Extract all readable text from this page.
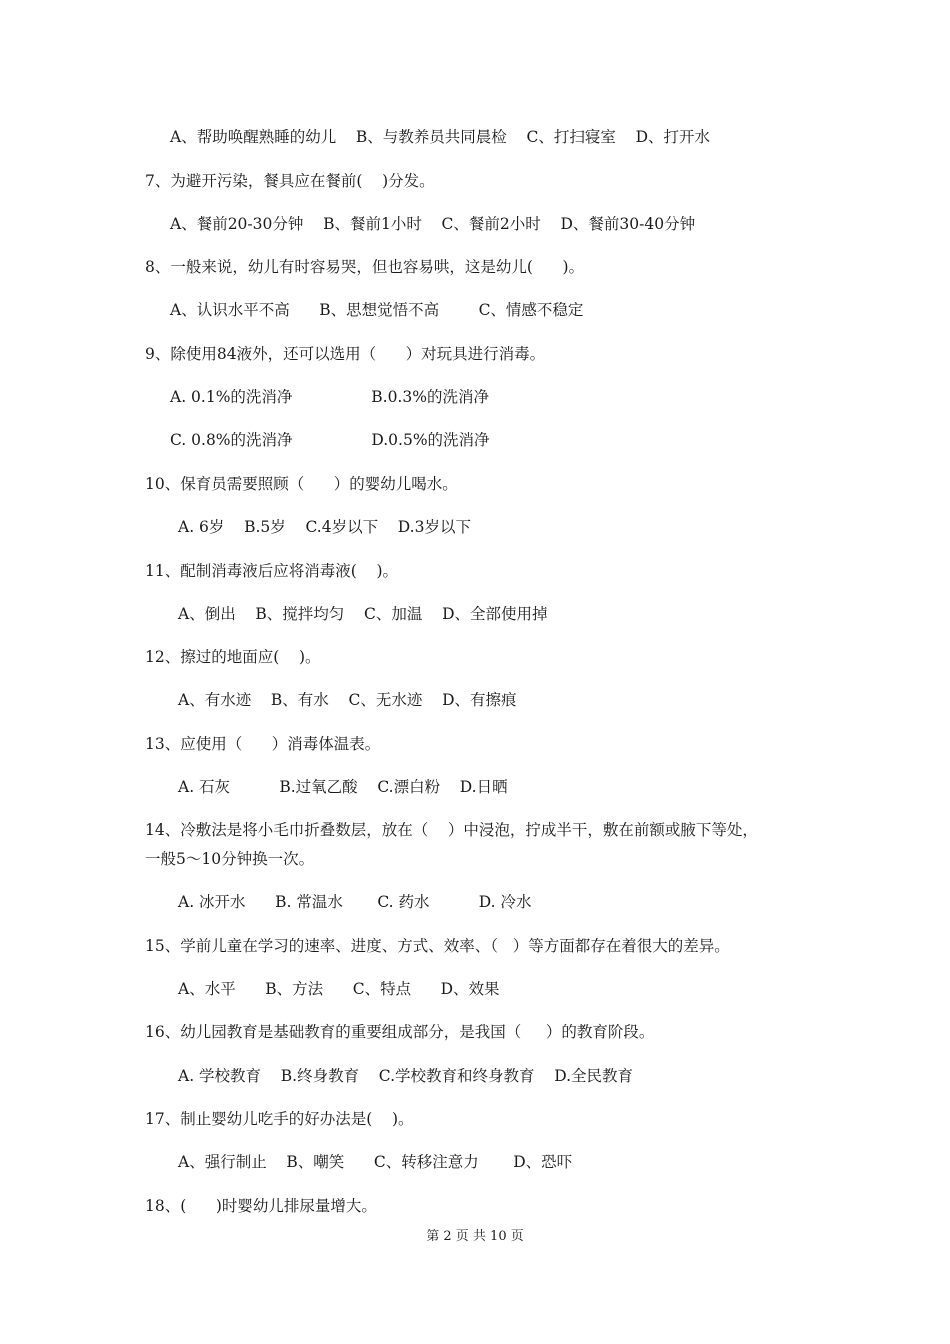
A、帮助唤醒熟睡的幼儿    B、与教养员共同晨检    C、打扫寝室    D、打开水
7、为避开污染，餐具应在餐前(    )分发。
A、餐前20-30分钟    B、餐前1小时    C、餐前2小时    D、餐前30-40分钟
8、一般来说，幼儿有时容易哭，但也容易哄，这是幼儿(      )。
A、认识水平不高      B、思想觉悟不高        C、情感不稳定
9、除使用84液外，还可以选用（      ）对玩具进行消毒。
A. 0.1%的洗消净                B.0.3%的洗消净
C. 0.8%的洗消净                D.0.5%的洗消净
10、保育员需要照顾（      ）的婴幼儿喝水。
A. 6岁    B.5岁    C.4岁以下    D.3岁以下
11、配制消毒液后应将消毒液(    )。
A、倒出    B、搅拌均匀    C、加温    D、全部使用掉
12、擦过的地面应(    )。
A、有水迹    B、有水    C、无水迹    D、有擦痕
13、应使用（      ）消毒体温表。
A. 石灰          B.过氧乙酸    C.漂白粉    D.日晒
14、冷敷法是将小毛巾折叠数层，放在（    ）中浸泡，拧成半干，敷在前额或腋下等处，
一般5～10分钟换一次。
A. 冰开水      B. 常温水       C. 药水          D. 冷水
15、学前儿童在学习的速率、进度、方式、效率、（   ）等方面都存在着很大的差异。
A、水平      B、方法      C、特点      D、效果
16、幼儿园教育是基础教育的重要组成部分，是我国（     ）的教育阶段。
A. 学校教育    B.终身教育    C.学校教育和终身教育    D.全民教育
17、制止婴幼儿吃手的好办法是(    )。
A、强行制止    B、嘲笑      C、转移注意力       D、恐吓
18、(      )时婴幼儿排尿量增大。
第 2 页 共 10 页
